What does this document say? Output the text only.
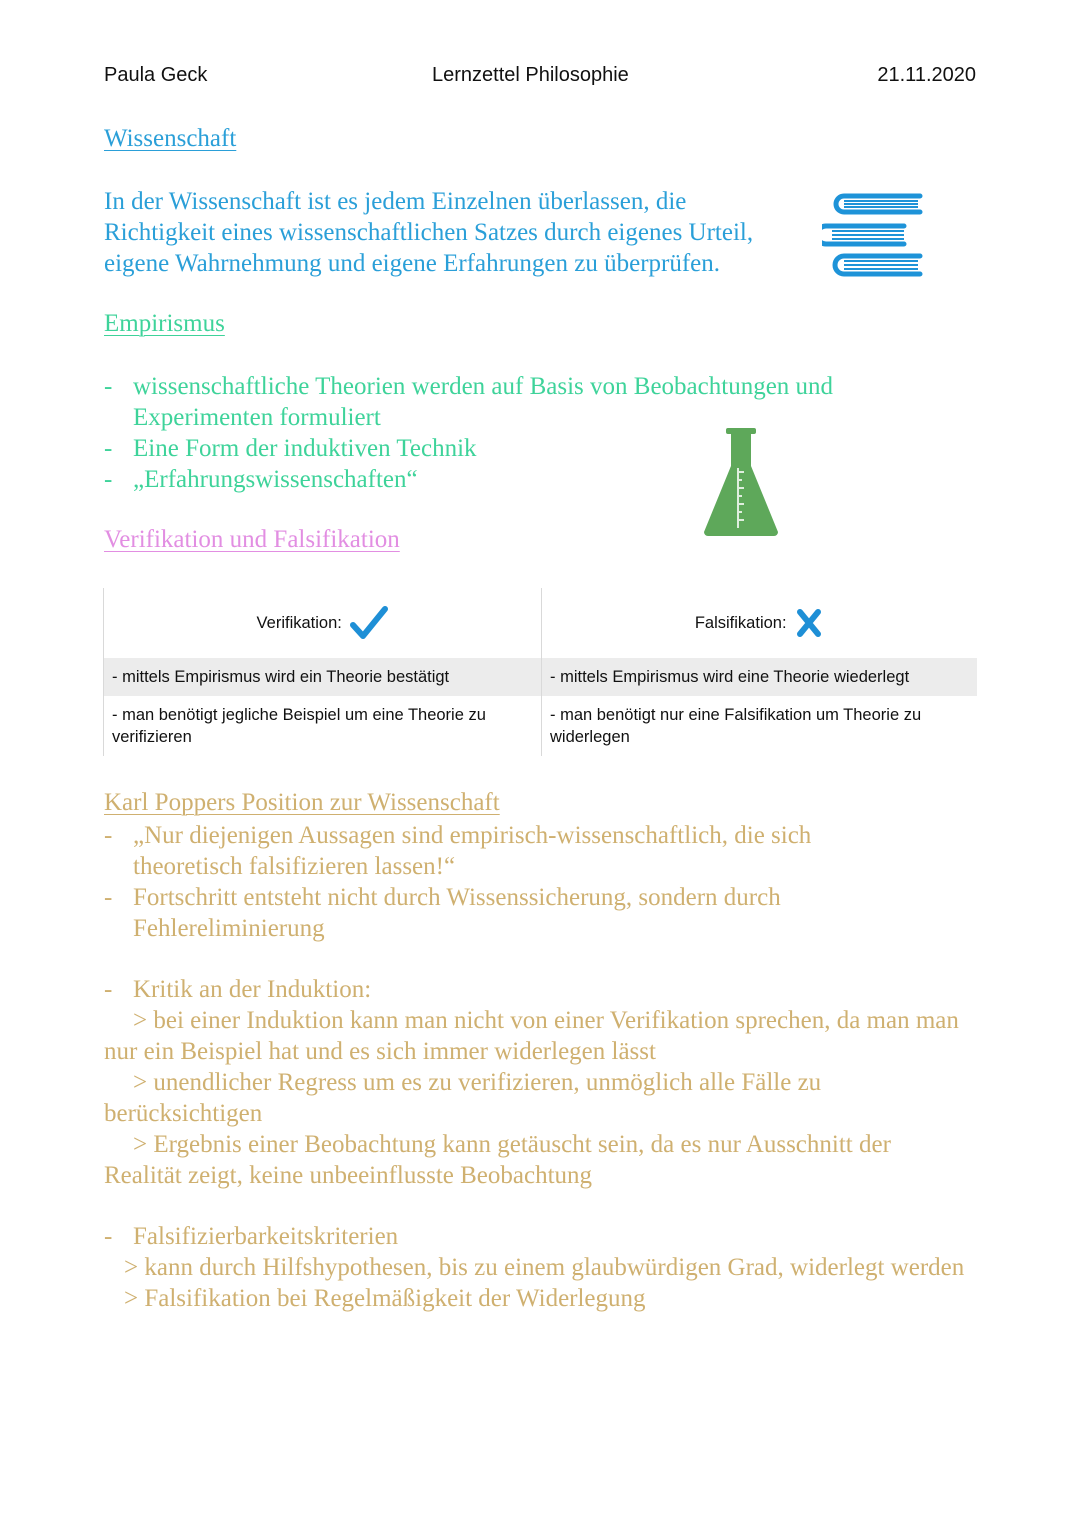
Paula Geck	Lernzettel Philosophie	21.11.2020
Wissenschaft
In der Wissenschaft ist es jedem Einzelnen überlassen, die
Richtigkeit eines wissenschaftlichen Satzes durch eigenes Urteil,
eigene Wahrnehmung und eigene Erfahrungen zu überprüfen.
Empirismus
- wissenschaftliche Theorien werden auf Basis von Beobachtungen und Experimenten formuliert
- Eine Form der induktiven Technik
- „Erfahrungswissenschaften“
Verifikation und Falsifikation
Verifikation:	Falsifikation:
- mittels Empirismus wird ein Theorie bestätigt	- mittels Empirismus wird eine Theorie wiederlegt
- man benötigt jegliche Beispiel um eine Theorie zu verifizieren	- man benötigt nur eine Falsifikation um Theorie zu widerlegen
Karl Poppers Position zur Wissenschaft
- „Nur diejenigen Aussagen sind empirisch-wissenschaftlich, die sich theoretisch falsifizieren lassen!“
- Fortschritt entsteht nicht durch Wissenssicherung, sondern durch Fehlereliminierung
- Kritik an der Induktion:
> bei einer Induktion kann man nicht von einer Verifikation sprechen, da man man nur ein Beispiel hat und es sich immer widerlegen lässt
> unendlicher Regress um es zu verifizieren, unmöglich alle Fälle zu berücksichtigen
> Ergebnis einer Beobachtung kann getäuscht sein, da es nur Ausschnitt der Realität zeigt, keine unbeeinflusste Beobachtung
- Falsifizierbarkeitskriterien
> kann durch Hilfshypothesen, bis zu einem glaubwürdigen Grad, widerlegt werden
> Falsifikation bei Regelmäßigkeit der Widerlegung
